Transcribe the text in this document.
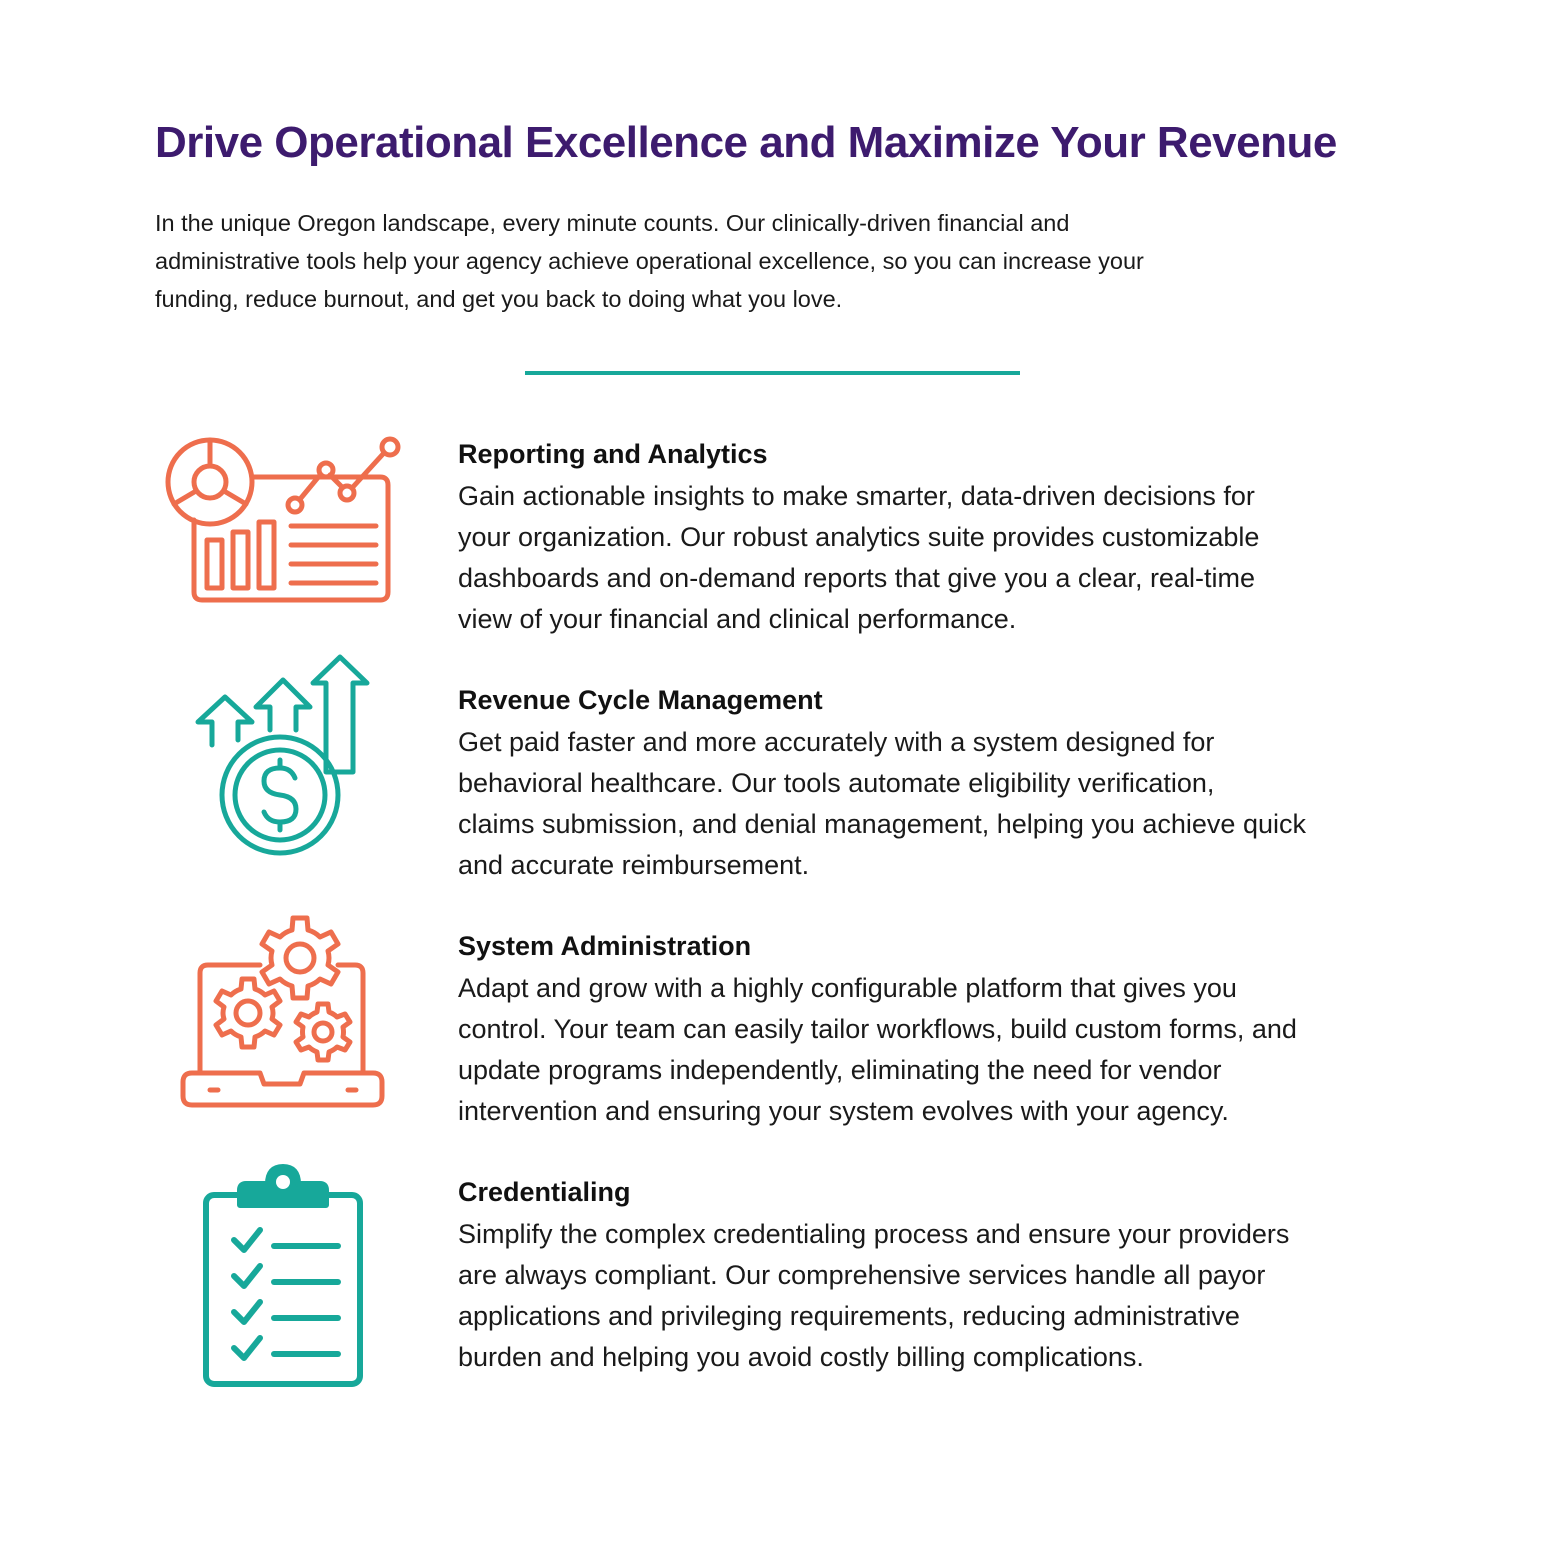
Drive Operational Excellence and Maximize Your Revenue
In the unique Oregon landscape, every minute counts. Our clinically-driven financial and
administrative tools help your agency achieve operational excellence, so you can increase your
funding, reduce burnout, and get you back to doing what you love.
Reporting and Analytics

Gain actionable insights to make smarter, data-driven decisions for
your organization. Our robust analytics suite provides customizable
dashboards and on-demand reports that give you a clear, real-time
view of your financial and clinical performance.

Revenue Cycle Management

Get paid faster and more accurately with a system designed for
behavioral healthcare. Our tools automate eligibility verification,
claims submission, and denial management, helping you achieve quick
and accurate reimbursement.

System Administration

Adapt and grow with a highly configurable platform that gives you
control. Your team can easily tailor workflows, build custom forms, and
update programs independently, eliminating the need for vendor
intervention and ensuring your system evolves with your agency.

Credentialing

Simplify the complex credentialing process and ensure your providers
are always compliant. Our comprehensive services handle all payor
applications and privileging requirements, reducing administrative
burden and helping you avoid costly billing complications.
